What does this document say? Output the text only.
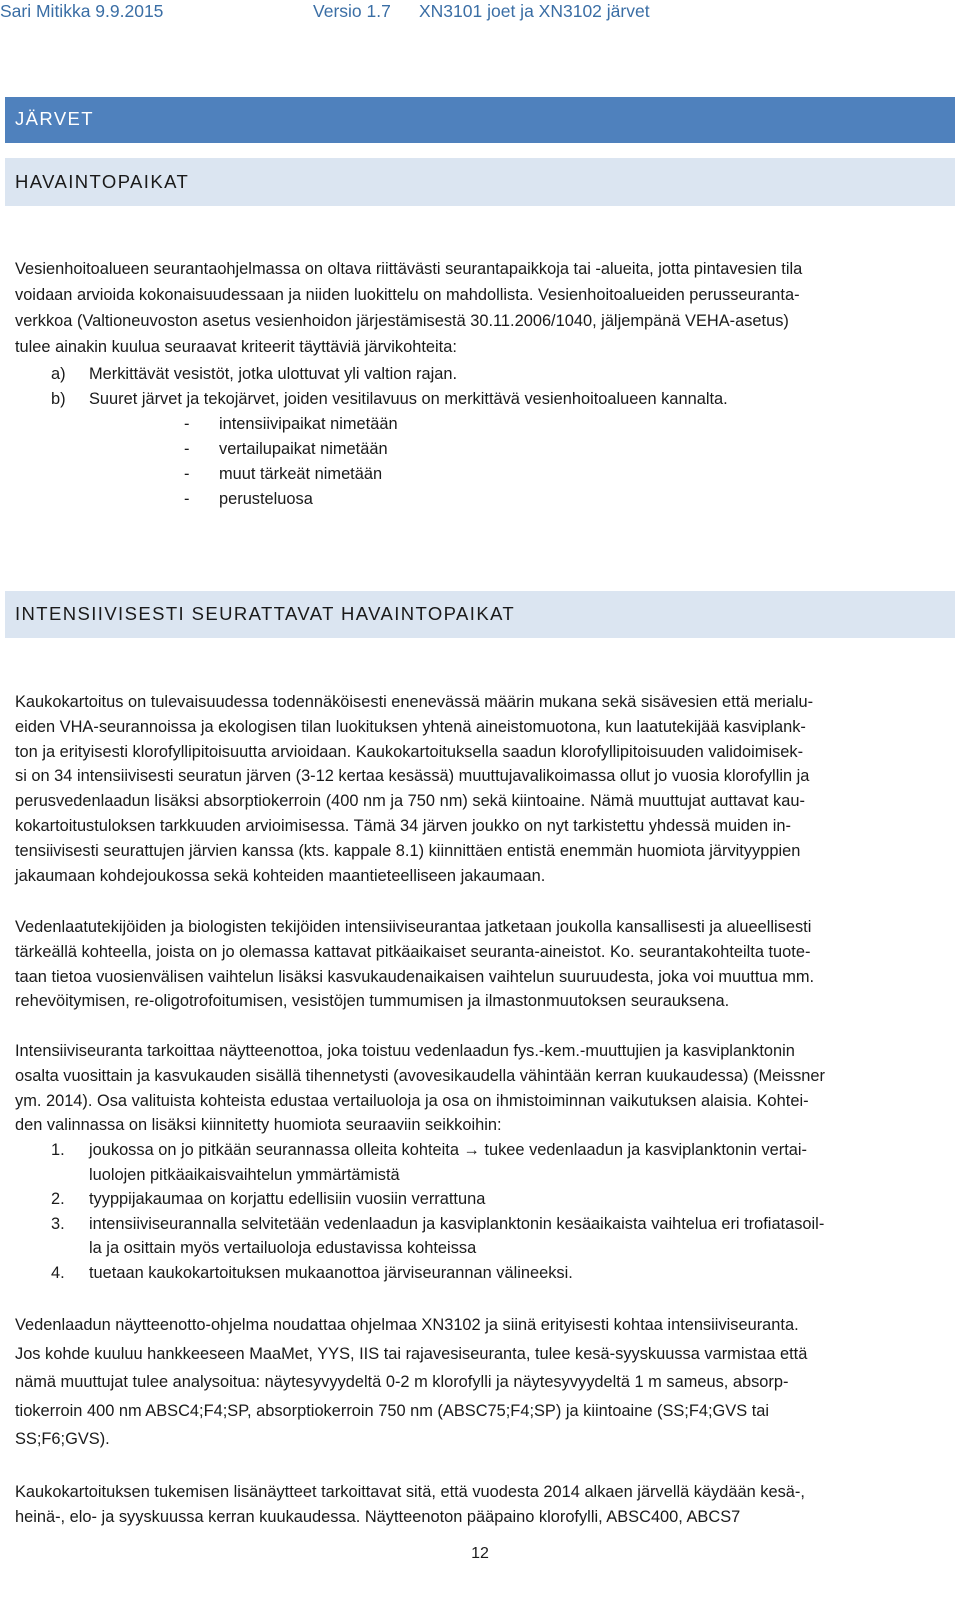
Sari Mitikka 9.9.2015	Versio 1.7 XN3101 joet ja XN3102 järvet
JÄRVET
HAVAINTOPAIKAT

Vesienhoitoalueen seurantaohjelmassa on oltava riittävästi seurantapaikkoja tai -alueita, jotta pintavesien tila

voidaan arvioida kokonaisuudessaan ja niiden luokittelu on mahdollista. Vesienhoitoalueiden perusseuranta-

verkkoa (Valtioneuvoston asetus vesienhoidon järjestämisestä 30.11.2006/1040, jäljempänä VEHA-asetus)

tulee ainakin kuulua seuraavat kriteerit täyttäviä järvikohteita:

a) Merkittävät vesistöt, jotka ulottuvat yli valtion rajan.
b) Suuret järvet ja tekojärvet, joiden vesitilavuus on merkittävä vesienhoitoalueen kannalta.
- intensiivipaikat nimetään
- vertailupaikat nimetään
- muut tärkeät nimetään
- perusteluosa
INTENSIIVISESTI SEURATTAVAT HAVAINTOPAIKAT

Kaukokartoitus on tulevaisuudessa todennäköisesti enenevässä määrin mukana sekä sisävesien että merialu-

eiden VHA-seurannoissa ja ekologisen tilan luokituksen yhtenä aineistomuotona, kun laatutekijää kasviplank-

ton ja erityisesti klorofyllipitoisuutta arvioidaan. Kaukokartoituksella saadun klorofyllipitoisuuden validoimisek-

si on 34 intensiivisesti seuratun järven (3-12 kertaa kesässä) muuttujavalikoimassa ollut jo vuosia klorofyllin ja

perusvedenlaadun lisäksi absorptiokerroin (400 nm ja 750 nm) sekä kiintoaine. Nämä muuttujat auttavat kau-

kokartoitustuloksen tarkkuuden arvioimisessa. Tämä 34 järven joukko on nyt tarkistettu yhdessä muiden in-

tensiivisesti seurattujen järvien kanssa (kts. kappale 8.1) kiinnittäen entistä enemmän huomiota järvityyppien

jakaumaan kohdejoukossa sekä kohteiden maantieteelliseen jakaumaan.

Vedenlaatutekijöiden ja biologisten tekijöiden intensiiviseurantaa jatketaan joukolla kansallisesti ja alueellisesti

tärkeällä kohteella, joista on jo olemassa kattavat pitkäaikaiset seuranta-aineistot. Ko. seurantakohteilta tuote-

taan tietoa vuosienvälisen vaihtelun lisäksi kasvukaudenaikaisen vaihtelun suuruudesta, joka voi muuttua mm.

rehevöitymisen, re-oligotrofoitumisen, vesistöjen tummumisen ja ilmastonmuutoksen seurauksena.

Intensiiviseuranta tarkoittaa näytteenottoa, joka toistuu vedenlaadun fys.-kem.-muuttujien ja kasviplanktonin

osalta vuosittain ja kasvukauden sisällä tihennetysti (avovesikaudella vähintään kerran kuukaudessa) (Meissner

ym. 2014). Osa valituista kohteista edustaa vertailuoloja ja osa on ihmistoiminnan vaikutuksen alaisia. Kohtei-

den valinnassa on lisäksi kiinnitetty huomiota seuraaviin seikkoihin:

1. joukossa on jo pitkään seurannassa olleita kohteita → tukee vedenlaadun ja kasviplanktonin vertai-
luolojen pitkäaikaisvaihtelun ymmärtämistä
2. tyyppijakaumaa on korjattu edellisiin vuosiin verrattuna
3. intensiiviseurannalla selvitetään vedenlaadun ja kasviplanktonin kesäaikaista vaihtelua eri trofiatasoil-
la ja osittain myös vertailuoloja edustavissa kohteissa
4. tuetaan kaukokartoituksen mukaanottoa järviseurannan välineeksi.

Vedenlaadun näytteenotto-ohjelma noudattaa ohjelmaa XN3102 ja siinä erityisesti kohtaa intensiiviseuranta.

Jos kohde kuuluu hankkeeseen MaaMet, YYS, IIS tai rajavesiseuranta, tulee kesä-syyskuussa varmistaa että

nämä muuttujat tulee analysoitua: näytesyvyydeltä 0-2 m klorofylli ja näytesyvyydeltä 1 m sameus, absorp-

tiokerroin 400 nm ABSC4;F4;SP, absorptiokerroin 750 nm (ABSC75;F4;SP) ja kiintoaine (SS;F4;GVS tai

SS;F6;GVS).

Kaukokartoituksen tukemisen lisänäytteet tarkoittavat sitä, että vuodesta 2014 alkaen järvellä käydään kesä-,

heinä-, elo- ja syyskuussa kerran kuukaudessa. Näytteenoton pääpaino klorofylli, ABSC400, ABCS7

12
